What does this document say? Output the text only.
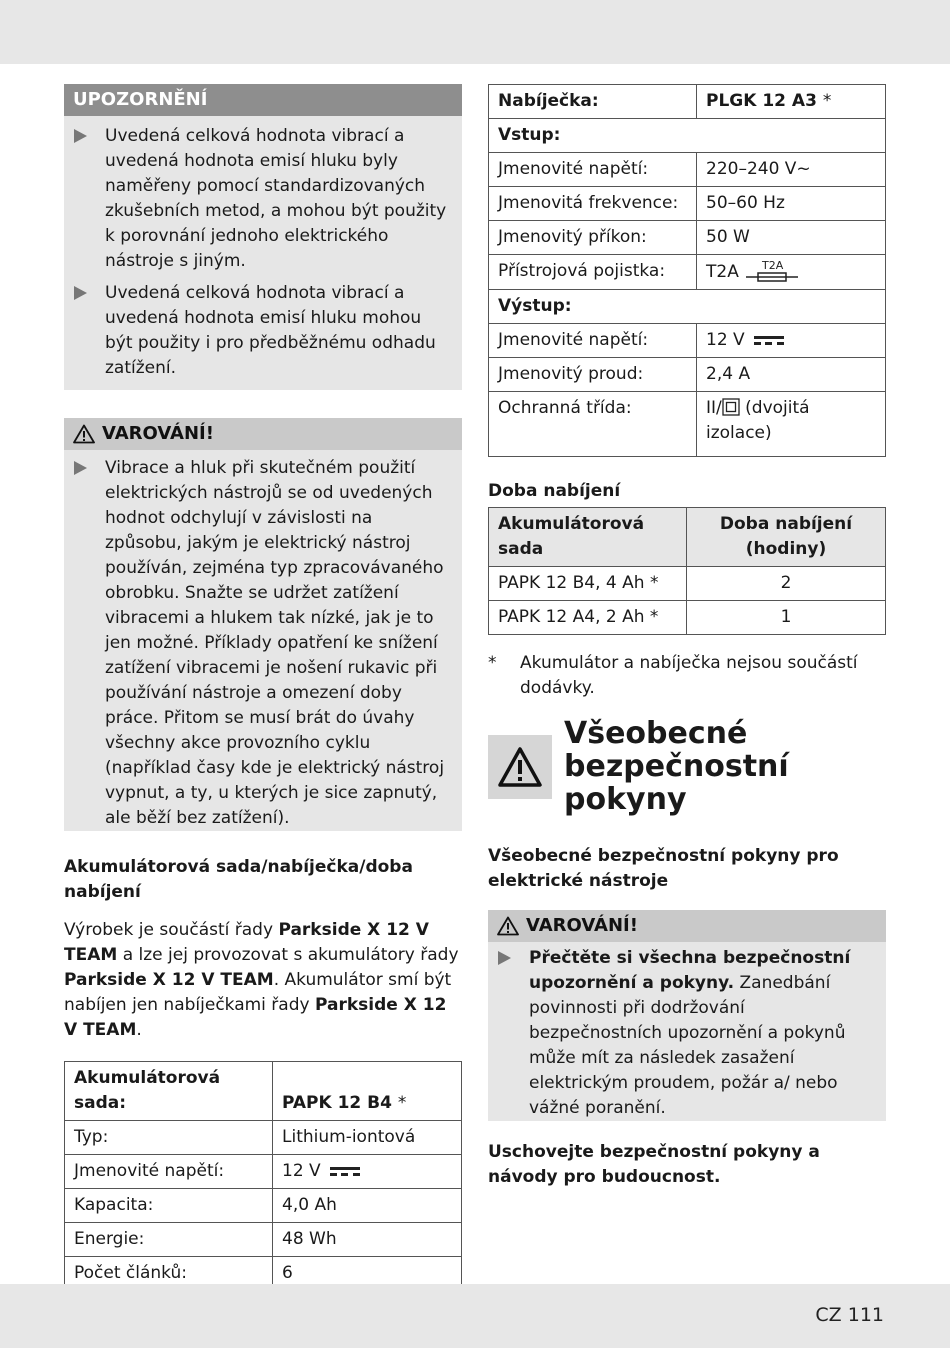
UPOZORNĚNÍ
Uvedená celková hodnota vibrací a uvedená hodnota emisí hluku byly naměřeny pomocí standardizovaných zkušebních metod, a mohou být použity k porovnání jednoho elektrického nástroje s jiným.
Uvedená celková hodnota vibrací a uvedená hodnota emisí hluku mohou být použity i pro předběžnému odhadu zatížení.
VAROVÁNÍ!
Vibrace a hluk při skutečném použití elektrických nástrojů se od uvedených hodnot odchylují v závislosti na způsobu, jakým je elektrický nástroj používán, zejména typ zpracovávaného obrobku. Snažte se udržet zatížení vibracemi a hlukem tak nízké, jak je to jen možné. Příklady opatření ke snížení zatížení vibracemi je nošení rukavic při používání nástroje a omezení doby práce. Přitom se musí brát do úvahy všechny akce provozního cyklu (například časy kde je elektrický nástroj vypnut, a ty, u kterých je sice zapnutý, ale běží bez zatížení).
Akumulátorová sada/nabíječka/doba nabíjení
Výrobek je součástí řady Parkside X 12 V TEAM a lze jej provozovat s akumulátory řady Parkside X 12 V TEAM. Akumulátor smí být nabíjen jen nabíječkami řady Parkside X 12 V TEAM.
Akumulátorová sada:	PAPK 12 B4 *
Typ:	Lithium-iontová
Jmenovité napětí:	12 V

Kapacita:	4,0 Ah
Energie:	48 Wh
Počet článků:	6
Nabíječka:	PLGK 12 A3 *
Vstup:	
Jmenovité napětí:	220–240 V~
Jmenovitá frekvence:	50–60 Hz
Jmenovitý příkon:	50 W
Přístrojová pojistka:	T2A T2A

Výstup:	
Jmenovité napětí:	12 V

Jmenovitý proud:	2,4 A
Ochranná třída:	II/ (dvojitá izolace)
Doba nabíjení
Akumulátorová sada	Doba nabíjení (hodiny)
PAPK 12 B4, 4 Ah *	2
PAPK 12 A4, 2 Ah *	1
*	Akumulátor a nabíječka nejsou součástí dodávky.
Všeobecné bezpečnostní pokyny
Všeobecné bezpečnostní pokyny pro elektrické nástroje
VAROVÁNÍ!
Přečtěte si všechna bezpečnostní upozornění a pokyny. Zanedbání povinnosti při dodržování bezpečnostních upozornění a pokynů může mít za následek zasažení elektrickým proudem, požár a/ nebo vážné poranění.
Uschovejte bezpečnostní pokyny a návody pro budoucnost.
CZ 111
